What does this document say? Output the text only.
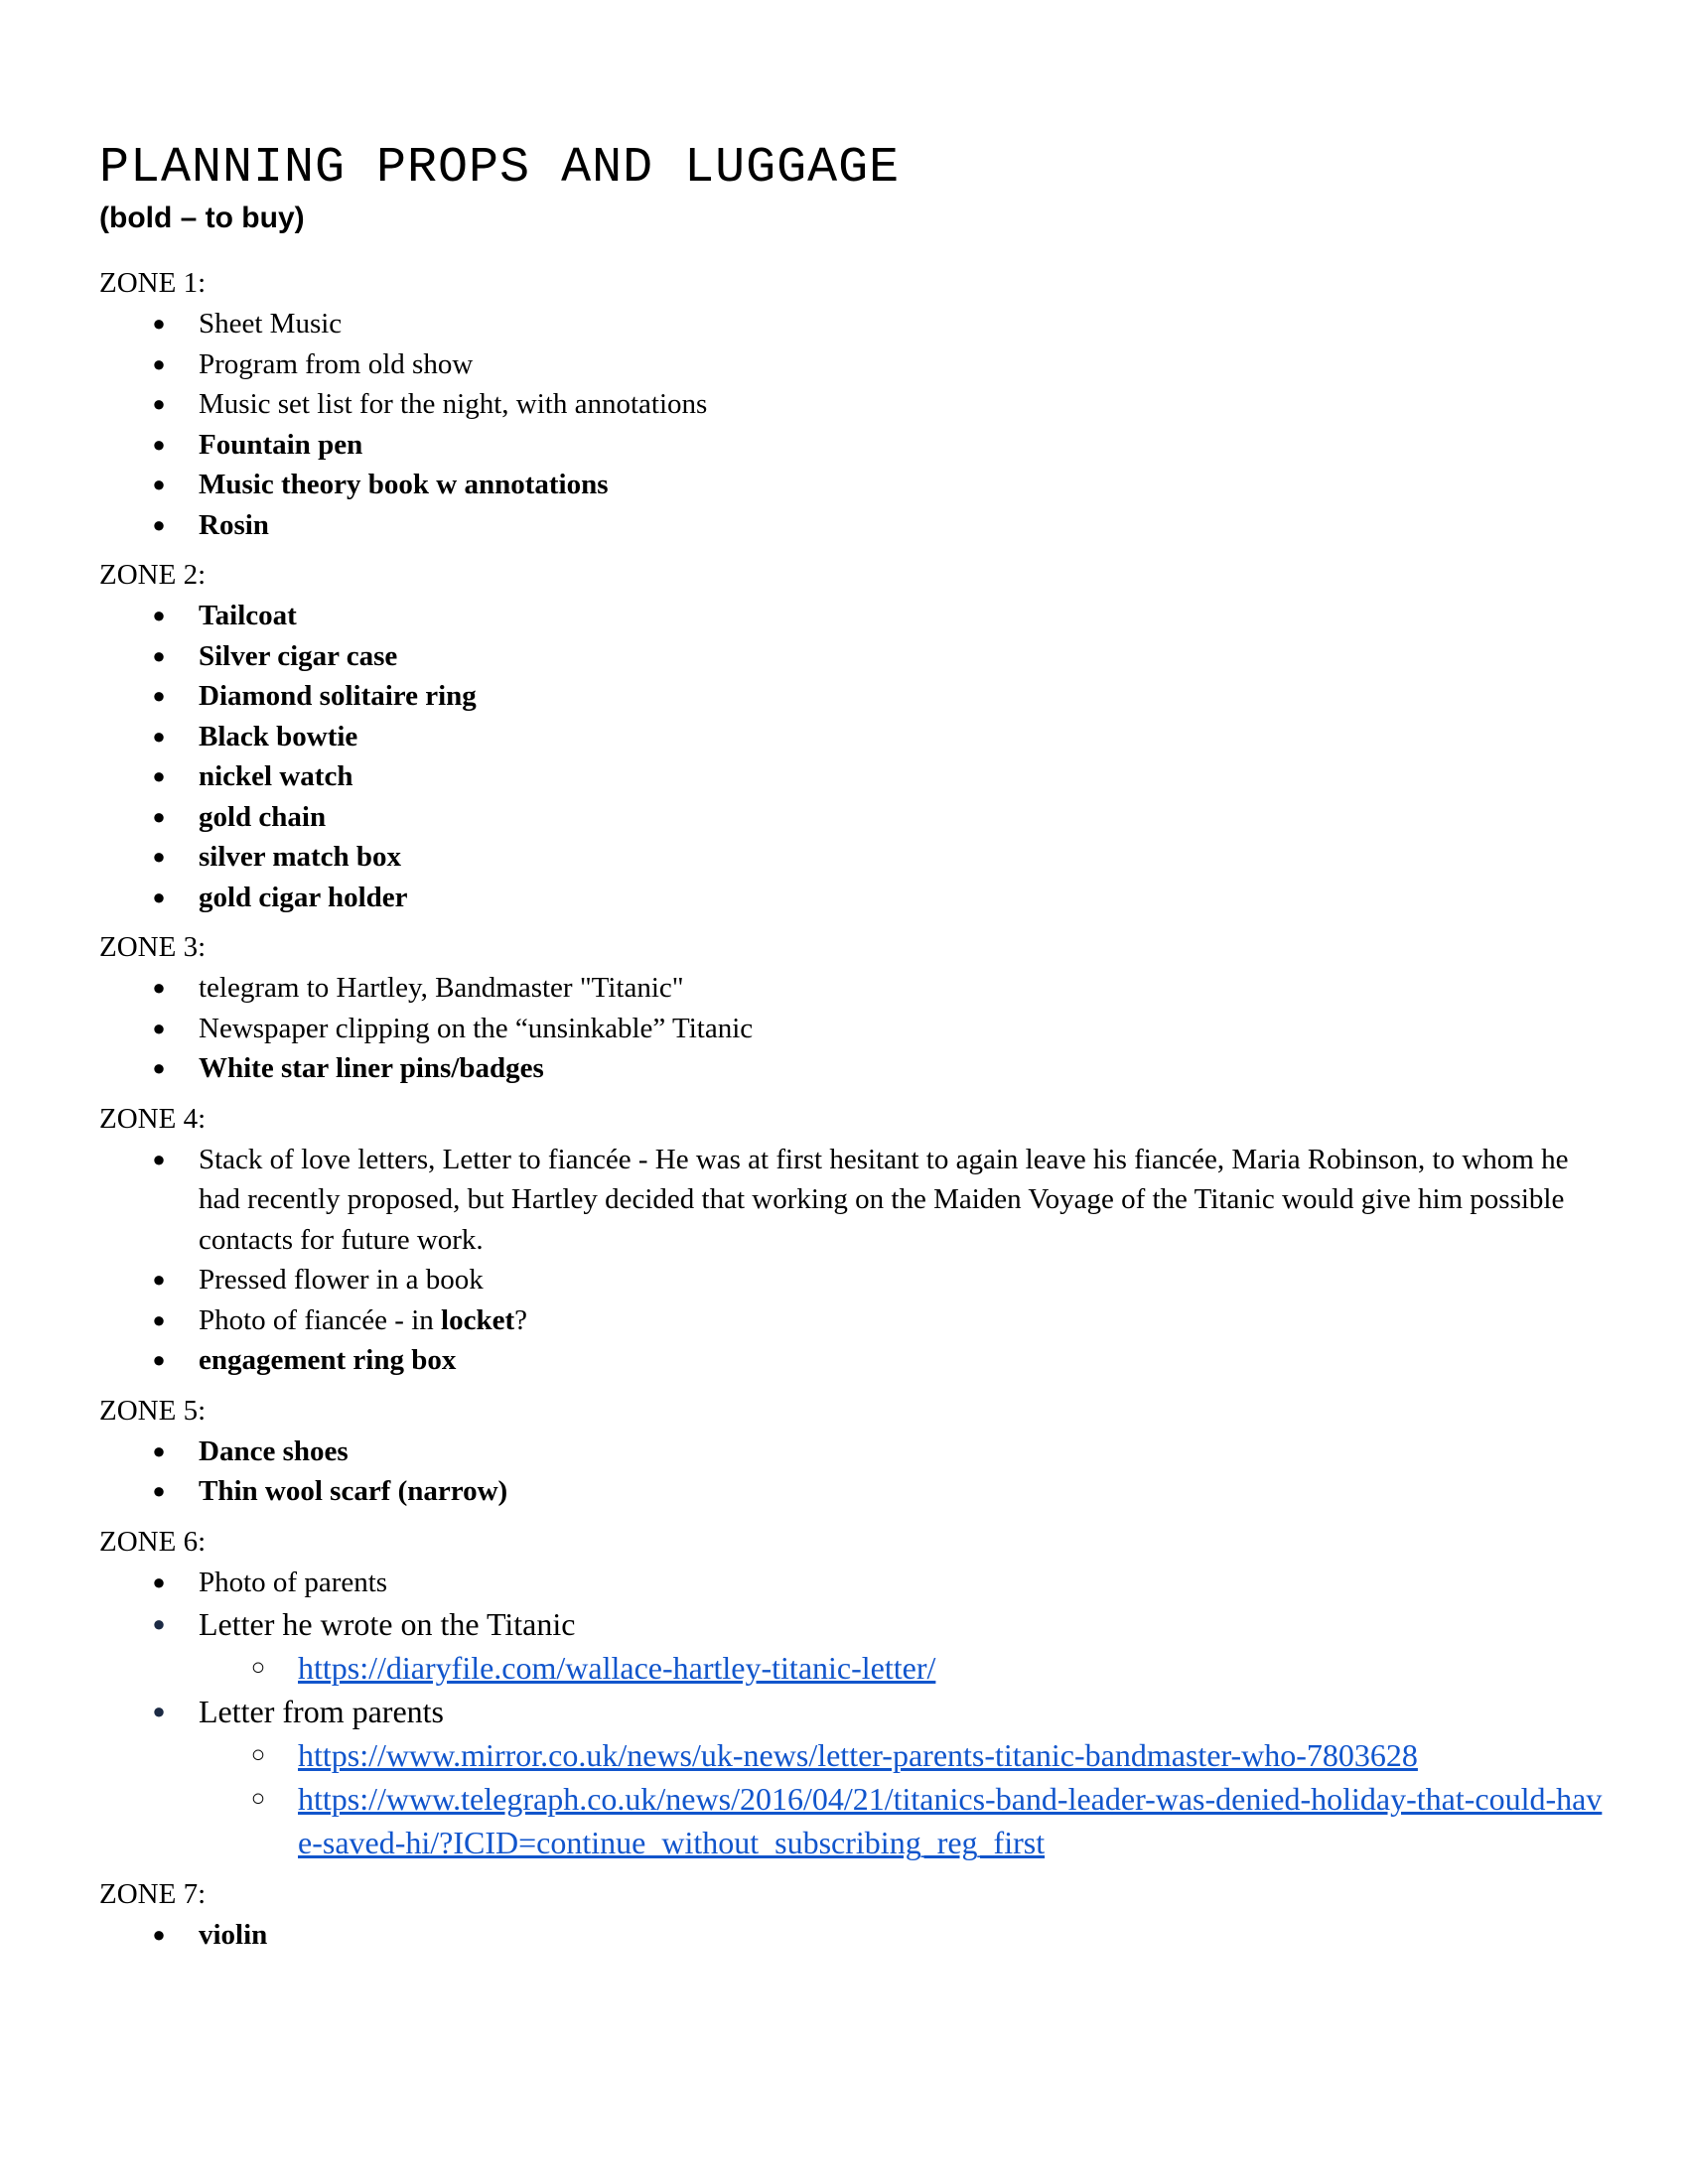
PLANNING PROPS AND LUGGAGE
(bold – to buy)
ZONE 1:
● Sheet Music
● Program from old show
● Music set list for the night, with annotations
● Fountain pen
● Music theory book w annotations
● Rosin
ZONE 2:
● Tailcoat
● Silver cigar case
● Diamond solitaire ring
● Black bowtie
● nickel watch
● gold chain
● silver match box
● gold cigar holder
ZONE 3:
● telegram to Hartley, Bandmaster "Titanic"
● Newspaper clipping on the “unsinkable” Titanic
● White star liner pins/badges
ZONE 4:
● Stack of love letters, Letter to fiancée - He was at first hesitant to again leave his fiancée, Maria Robinson, to whom he had recently proposed, but Hartley decided that working on the Maiden Voyage of the Titanic would give him possible contacts for future work.
● Pressed flower in a book
● Photo of fiancée - in locket?
● engagement ring box
ZONE 5:
● Dance shoes
● Thin wool scarf (narrow)
ZONE 6:
● Photo of parents
● Letter he wrote on the Titanic
○ https://diaryfile.com/wallace-hartley-titanic-letter/
● Letter from parents
○ https://www.mirror.co.uk/news/uk-news/letter-parents-titanic-bandmaster-who-7803628
○ https://www.telegraph.co.uk/news/2016/04/21/titanics-band-leader-was-denied-holiday-that-could-have-saved-hi/?ICID=continue_without_subscribing_reg_first
ZONE 7:
● violin
